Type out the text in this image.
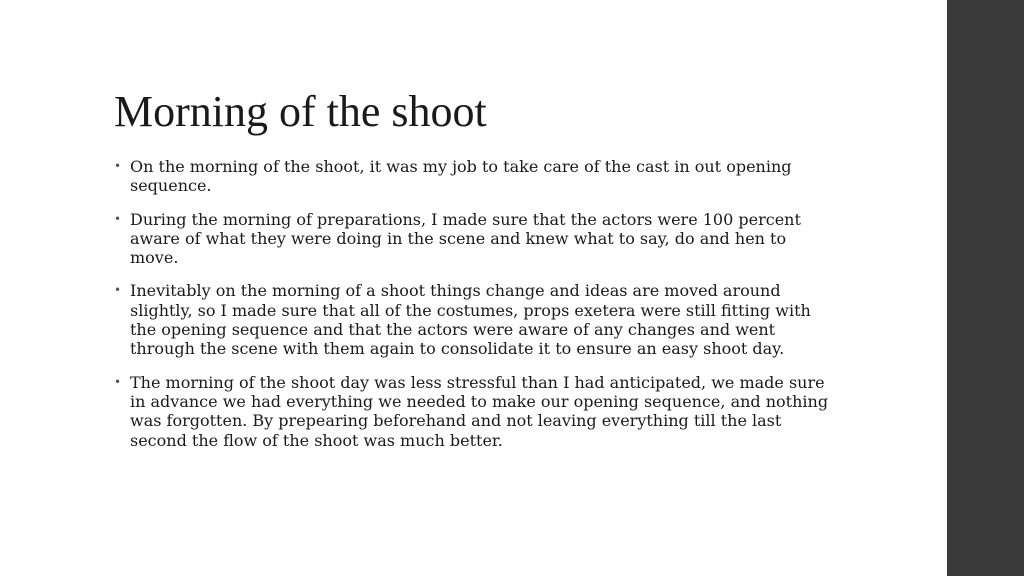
Morning of the shoot
• On the morning of the shoot, it was my job to take care of the cast in out opening sequence.
• During the morning of preparations, I made sure that the actors were 100 percent aware of what they were doing in the scene and knew what to say, do and hen to move.
• Inevitably on the morning of a shoot things change and ideas are moved around slightly, so I made sure that all of the costumes, props exetera were still fitting with the opening sequence and that the actors were aware of any changes and went through the scene with them again to consolidate it to ensure an easy shoot day.
• The morning of the shoot day was less stressful than I had anticipated, we made sure in advance we had everything we needed to make our opening sequence, and nothing was forgotten. By prepearing beforehand and not leaving everything till the last second the flow of the shoot was much better.
